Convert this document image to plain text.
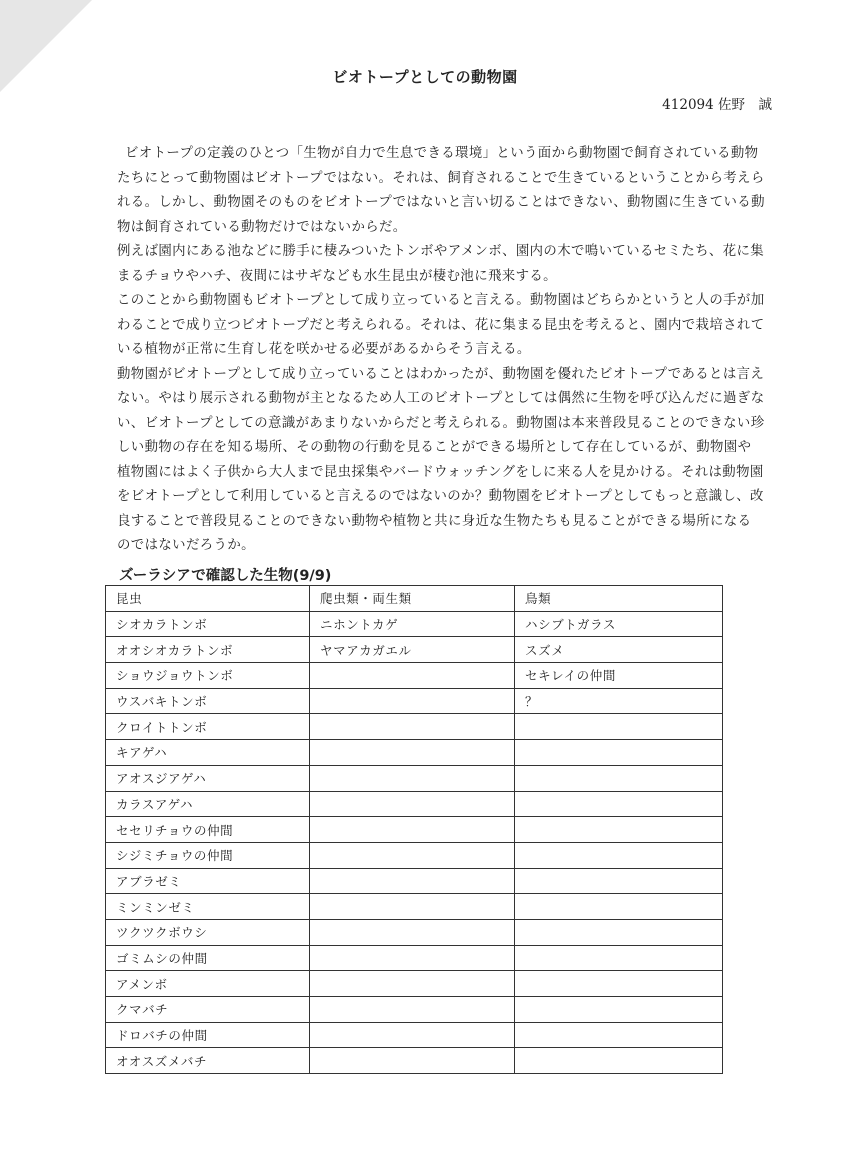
ビオトープとしての動物園
412094 佐野　誠

ビオトープの定義のひとつ「生物が自力で生息できる環境」という面から動物園で飼育されている動物たちにとって動物園はビオトープではない。それは、飼育されることで生きているということから考えられる。しかし、動物園そのものをビオトープではないと言い切ることはできない、動物園に生きている動物は飼育されている動物だけではないからだ。

例えば園内にある池などに勝手に棲みついたトンボやアメンボ、園内の木で鳴いているセミたち、花に集まるチョウやハチ、夜間にはサギなども水生昆虫が棲む池に飛来する。

このことから動物園もビオトープとして成り立っていると言える。動物園はどちらかというと人の手が加わることで成り立つビオトープだと考えられる。それは、花に集まる昆虫を考えると、園内で栽培されている植物が正常に生育し花を咲かせる必要があるからそう言える。

動物園がビオトープとして成り立っていることはわかったが、動物園を優れたビオトープであるとは言えない。やはり展示される動物が主となるため人工のビオトープとしては偶然に生物を呼び込んだに過ぎない、ビオトープとしての意識があまりないからだと考えられる。動物園は本来普段見ることのできない珍しい動物の存在を知る場所、その動物の行動を見ることができる場所として存在しているが、動物園や植物園にはよく子供から大人まで昆虫採集やバードウォッチングをしに来る人を見かける。それは動物園をビオトープとして利用していると言えるのではないのか？動物園をビオトープとしてもっと意識し、改良することで普段見ることのできない動物や植物と共に身近な生物たちも見ることができる場所になるのではないだろうか。

ズーラシアで確認した生物(9/9)
昆虫	爬虫類・両生類	鳥類
シオカラトンボ	ニホントカゲ	ハシブトガラス
オオシオカラトンボ	ヤマアカガエル	スズメ
ショウジョウトンボ		セキレイの仲間
ウスバキトンボ		？
クロイトトンボ		
キアゲハ		
アオスジアゲハ		
カラスアゲハ		
セセリチョウの仲間		
シジミチョウの仲間		
アブラゼミ		
ミンミンゼミ		
ツクツクボウシ		
ゴミムシの仲間		
アメンボ		
クマバチ		
ドロバチの仲間		
オオスズメバチ		
